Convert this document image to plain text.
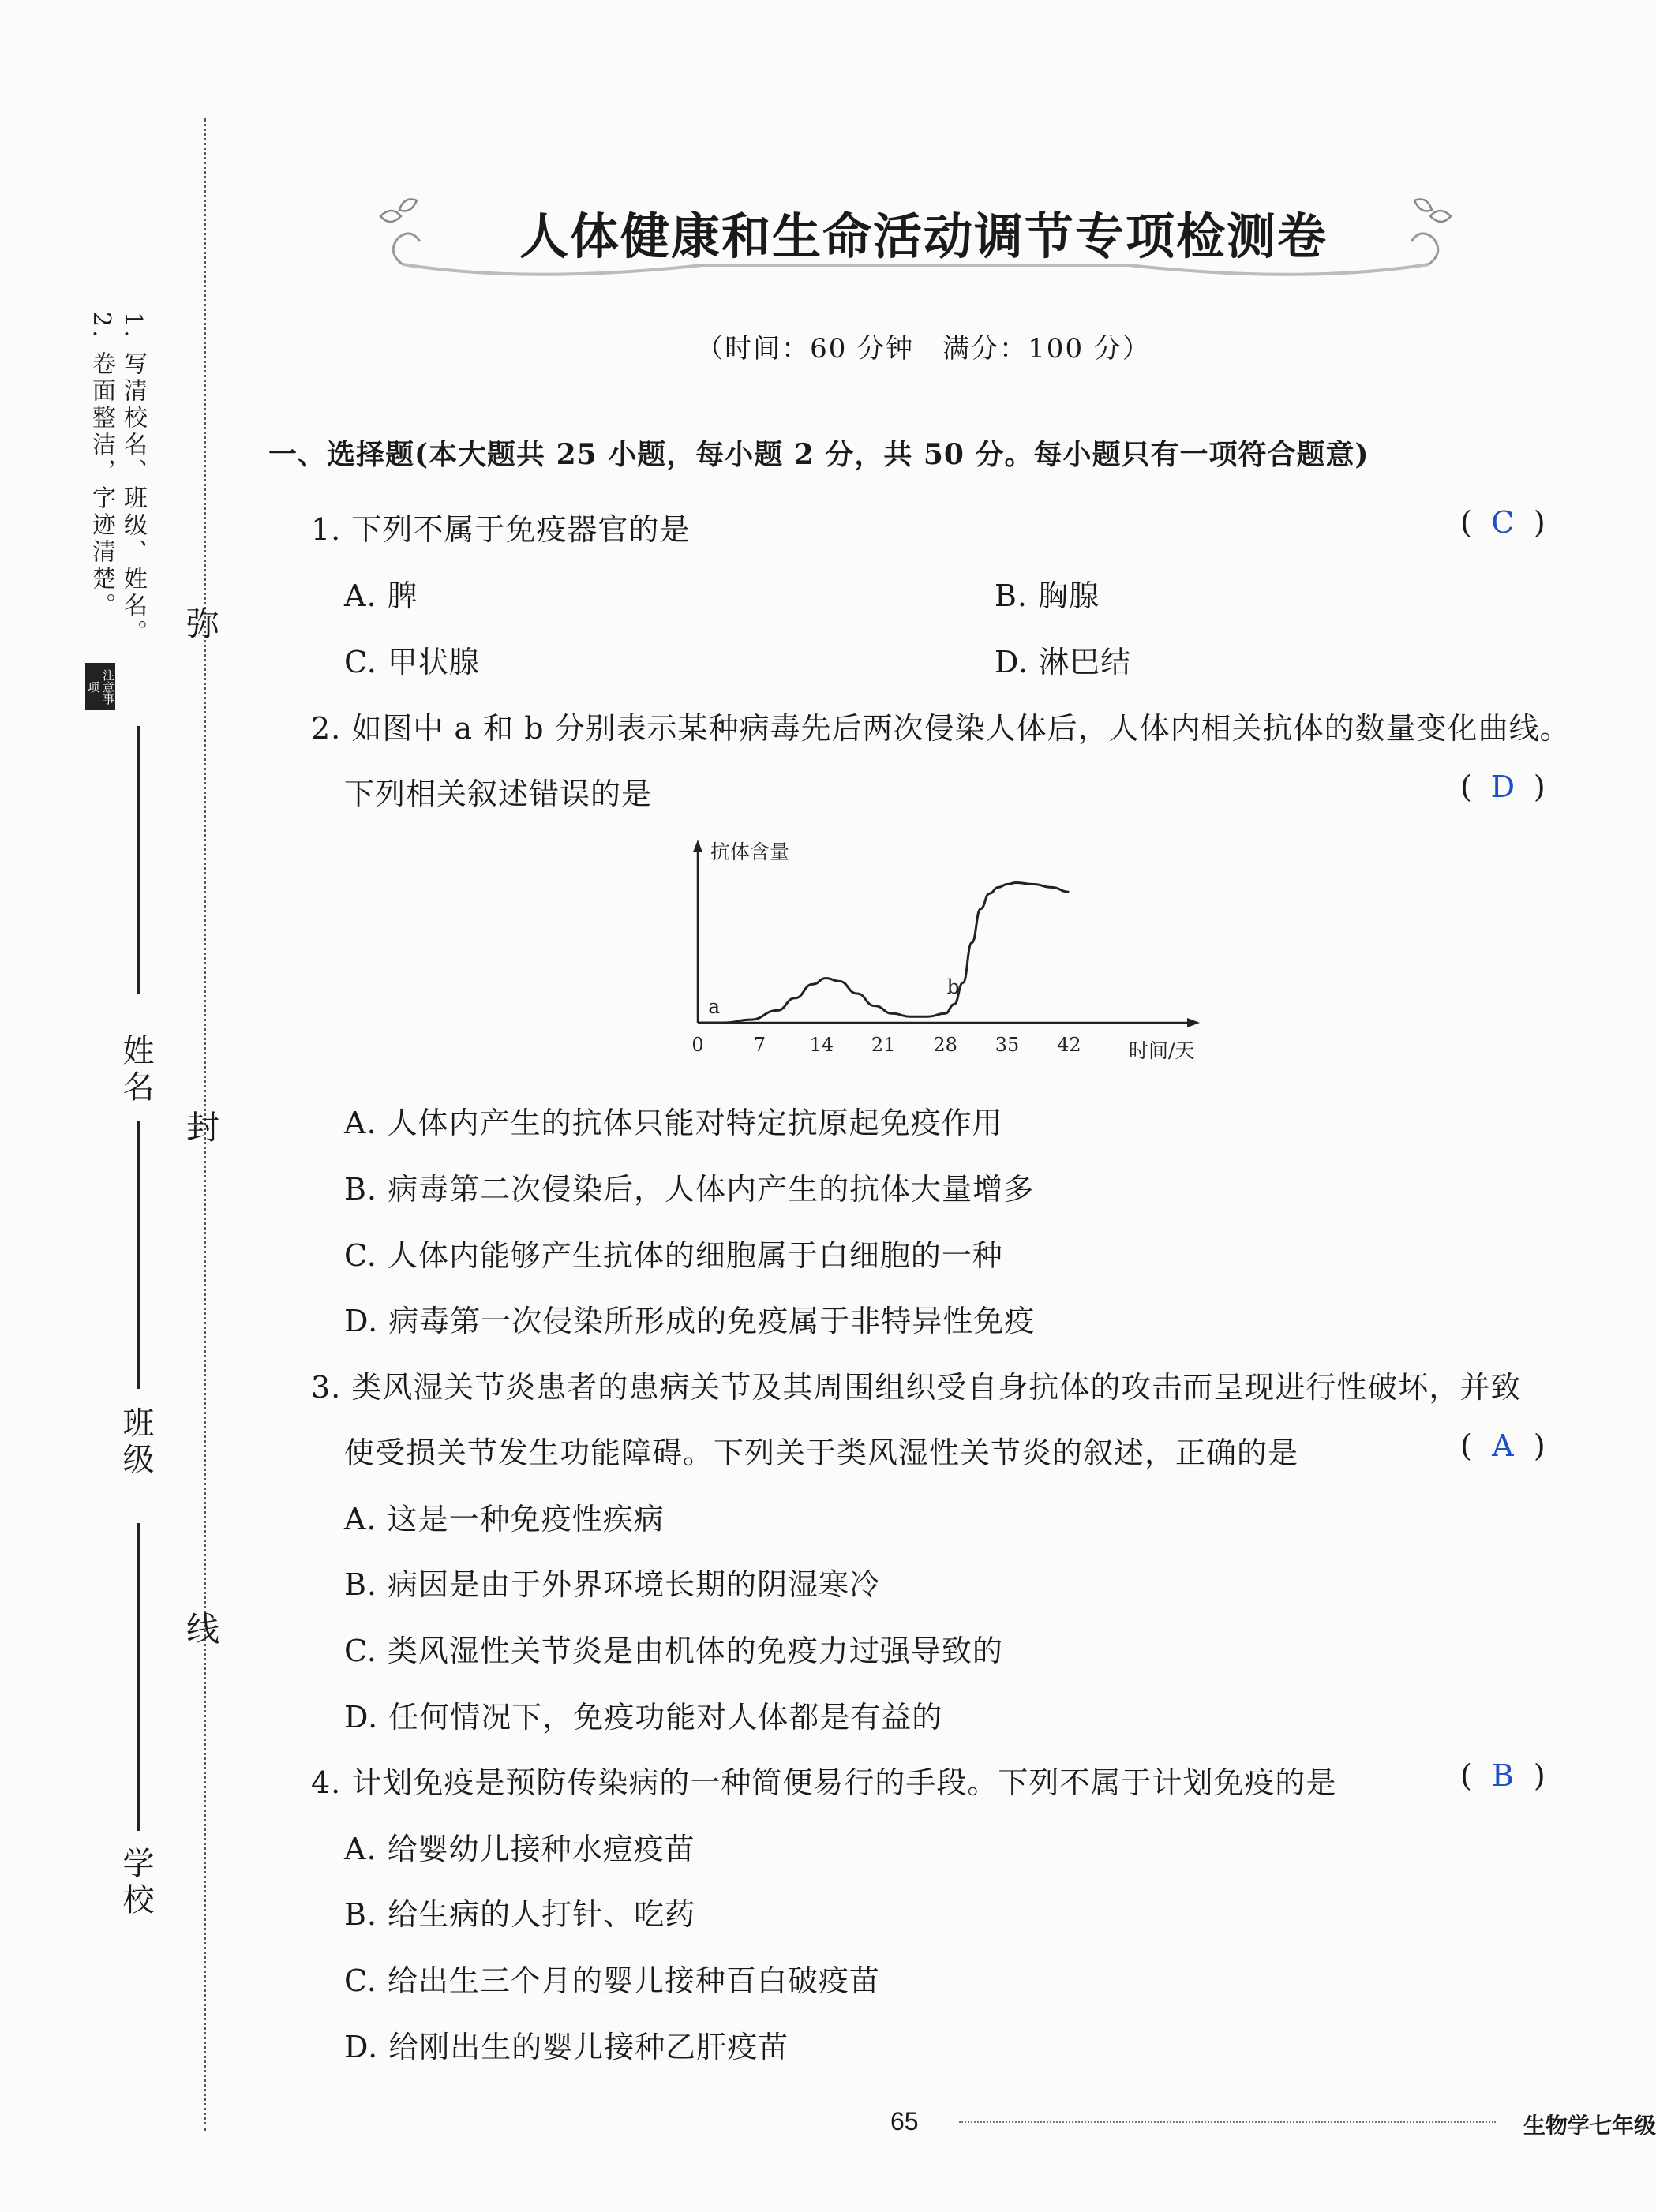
注意事项
2. 卷面整洁，字迹清楚。 1. 写清校名、班级、姓名。 弥
封
线
姓名
班级
学校
人体健康和生命活动调节专项检测卷
（时间：60 分钟　满分：100 分）
一、选择题(本大题共 25 小题，每小题 2 分，共 50 分。每小题只有一项符合题意)
1. 下列不属于免疫器官的是	( C )
A. 脾	B. 胸腺
C. 甲状腺	D. 淋巴结
2. 如图中 a 和 b 分别表示某种病毒先后两次侵染人体后，人体内相关抗体的数量变化曲线。
下列相关叙述错误的是	( D )
抗体含量
时间/天
0	7 14 21 28 35 42
a
b
A. 人体内产生的抗体只能对特定抗原起免疫作用
B. 病毒第二次侵染后，人体内产生的抗体大量增多
C. 人体内能够产生抗体的细胞属于白细胞的一种
D. 病毒第一次侵染所形成的免疫属于非特异性免疫
3. 类风湿关节炎患者的患病关节及其周围组织受自身抗体的攻击而呈现进行性破坏，并致
使受损关节发生功能障碍。下列关于类风湿性关节炎的叙述，正确的是	( A )
A. 这是一种免疫性疾病
B. 病因是由于外界环境长期的阴湿寒冷
C. 类风湿性关节炎是由机体的免疫力过强导致的
D. 任何情况下，免疫功能对人体都是有益的
4. 计划免疫是预防传染病的一种简便易行的手段。下列不属于计划免疫的是	( B )
A. 给婴幼儿接种水痘疫苗
B. 给生病的人打针、吃药
C. 给出生三个月的婴儿接种百白破疫苗
D. 给刚出生的婴儿接种乙肝疫苗
65	生物学七年级
